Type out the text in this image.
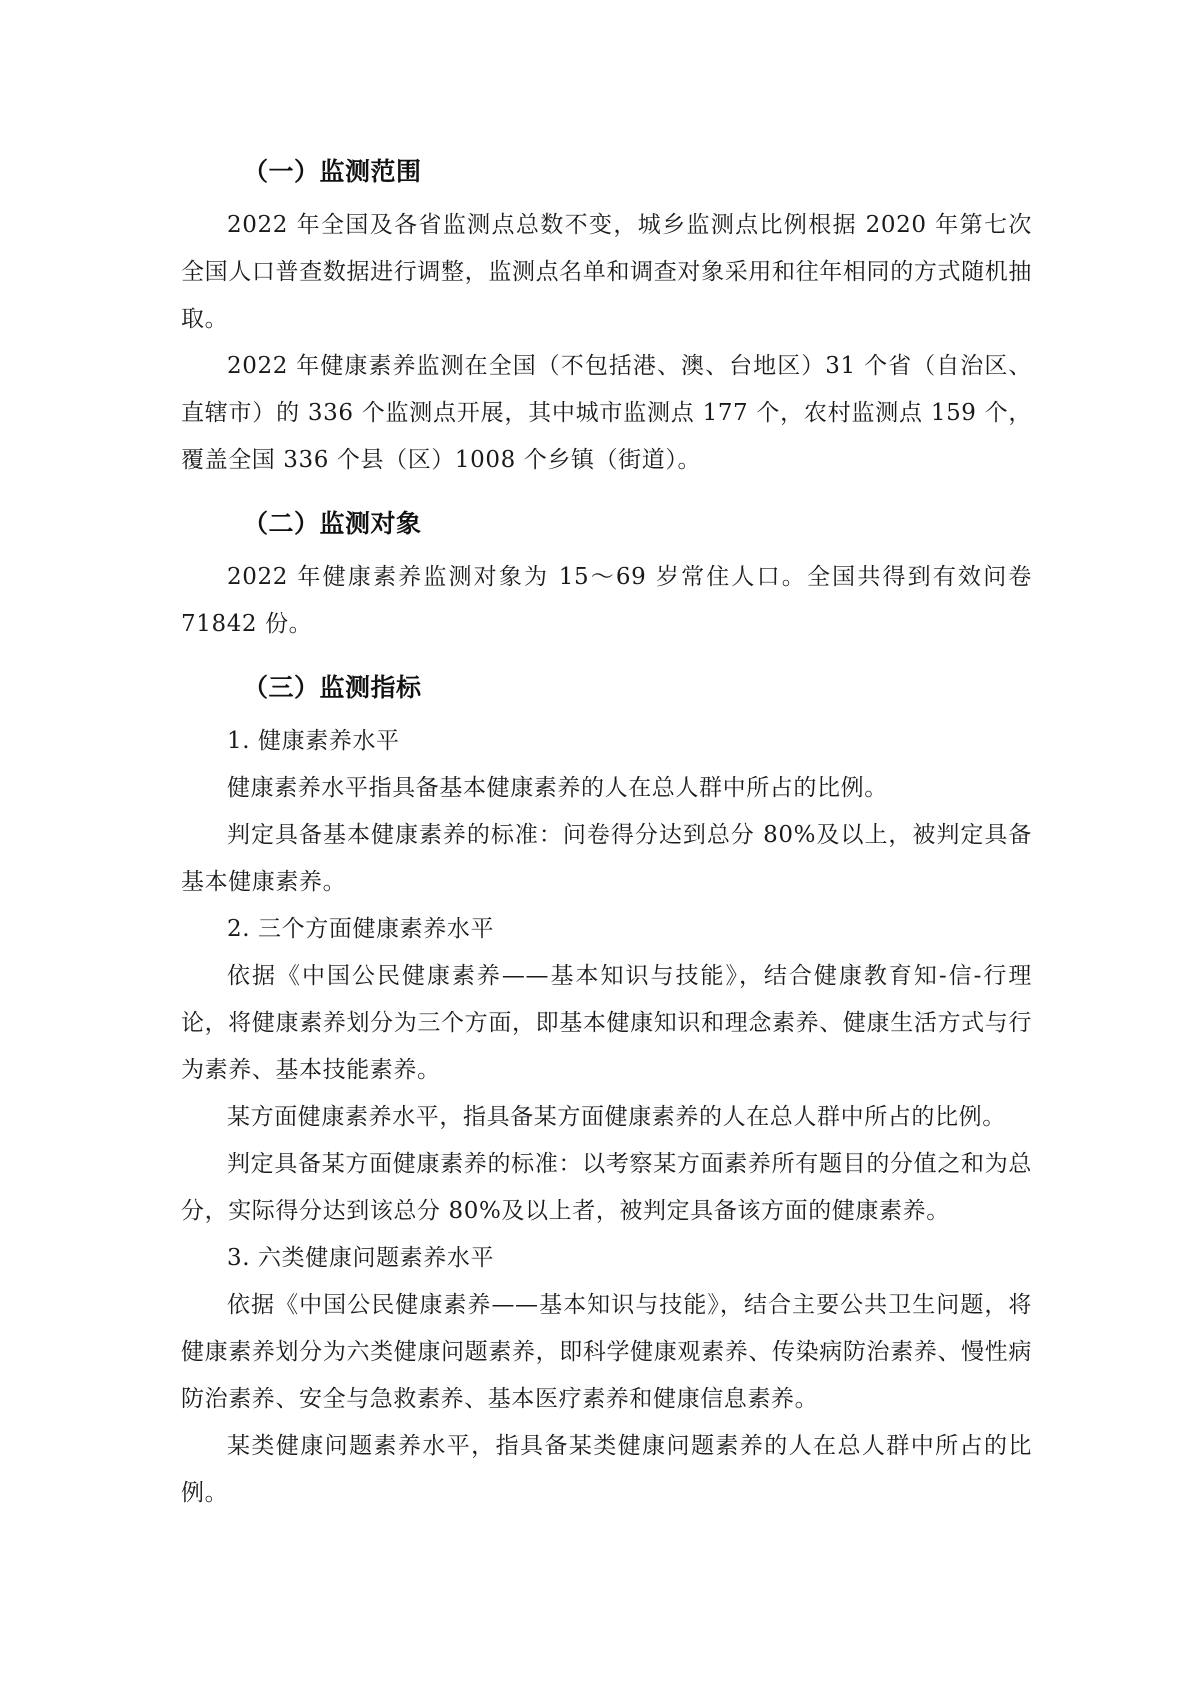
（一）监测范围

2022 年全国及各省监测点总数不变，城乡监测点比例根据 2020 年第七次全国人口普查数据进行调整，监测点名单和调查对象采用和往年相同的方式随机抽取。

2022 年健康素养监测在全国（不包括港、澳、台地区）31 个省（自治区、直辖市）的 336 个监测点开展，其中城市监测点 177 个，农村监测点 159 个，覆盖全国 336 个县（区）1008 个乡镇（街道）。

（二）监测对象

2022 年健康素养监测对象为 15～69 岁常住人口。全国共得到有效问卷 71842 份。

（三）监测指标
1. 健康素养水平

健康素养水平指具备基本健康素养的人在总人群中所占的比例。

判定具备基本健康素养的标准：问卷得分达到总分 80%及以上，被判定具备基本健康素养。

2. 三个方面健康素养水平

依据《中国公民健康素养——基本知识与技能》，结合健康教育知-信-行理论，将健康素养划分为三个方面，即基本健康知识和理念素养、健康生活方式与行为素养、基本技能素养。

某方面健康素养水平，指具备某方面健康素养的人在总人群中所占的比例。

判定具备某方面健康素养的标准：以考察某方面素养所有题目的分值之和为总分，实际得分达到该总分 80%及以上者，被判定具备该方面的健康素养。

3. 六类健康问题素养水平

依据《中国公民健康素养——基本知识与技能》，结合主要公共卫生问题，将健康素养划分为六类健康问题素养，即科学健康观素养、传染病防治素养、慢性病防治素养、安全与急救素养、基本医疗素养和健康信息素养。

某类健康问题素养水平，指具备某类健康问题素养的人在总人群中所占的比例。
